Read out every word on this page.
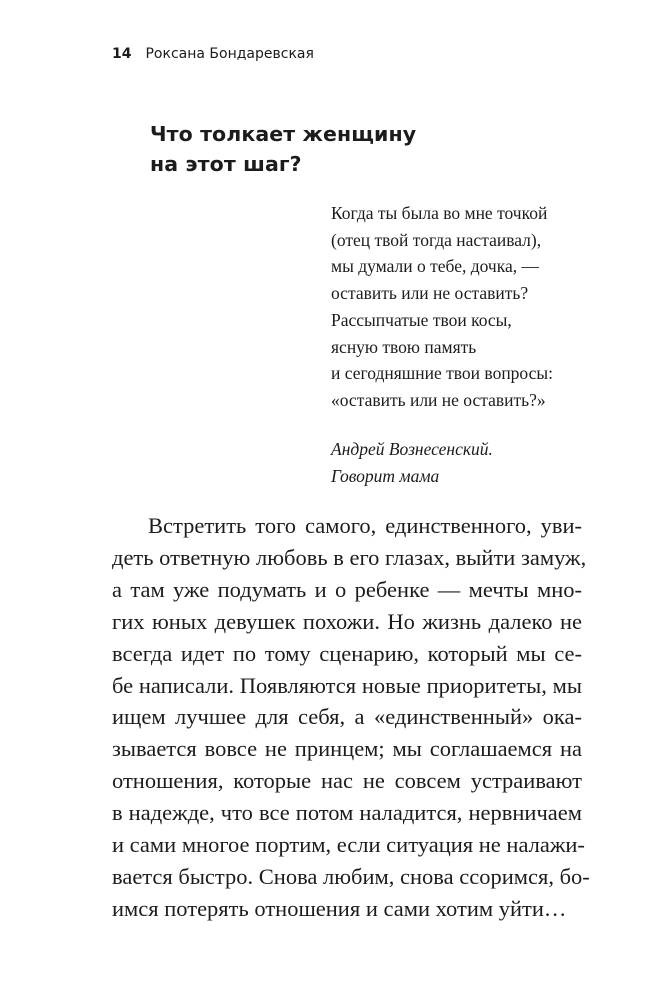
14 Роксана Бондаревская
Что толкает женщину
на этот шаг?
Когда ты была во мне точкой
(отец твой тогда настаивал),
мы думали о тебе, дочка, —
оставить или не оставить?
Рассыпчатые твои косы,
ясную твою память
и сегодняшние твои вопросы:
«оставить или не оставить?»
Андрей Вознесенский.
Говорит мама
Встретить того самого, единственного, уви-
деть ответную любовь в его глазах, выйти замуж,
а там уже подумать и о ребенке — мечты мно-
гих юных девушек похожи. Но жизнь далеко не
всегда идет по тому сценарию, который мы се-
бе написали. Появляются новые приоритеты, мы
ищем лучшее для себя, а «единственный» ока-
зывается вовсе не принцем; мы соглашаемся на
отношения, которые нас не совсем устраивают
в надежде, что все потом наладится, нервничаем
и сами многое портим, если ситуация не налажи-
вается быстро. Снова любим, снова ссоримся, бо-
имся потерять отношения и сами хотим уйти…
